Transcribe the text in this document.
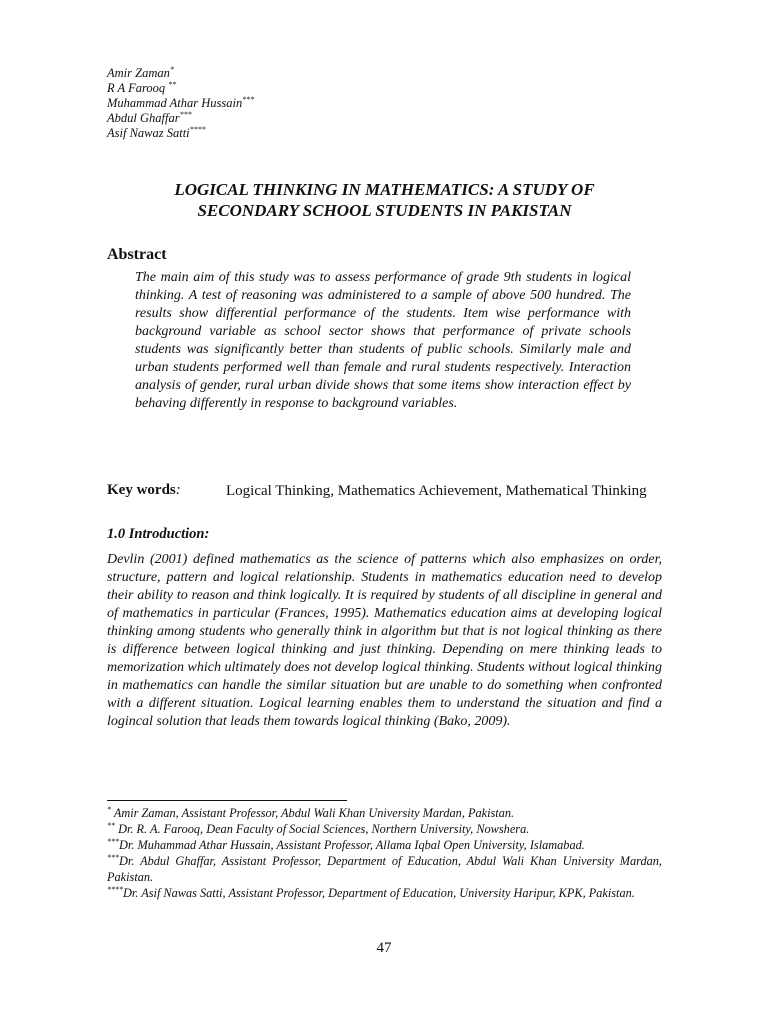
Amir Zaman*
R A Farooq **
Muhammad Athar Hussain***
Abdul Ghaffar***
Asif Nawaz Satti****
LOGICAL THINKING IN MATHEMATICS: A STUDY OF
SECONDARY SCHOOL STUDENTS IN PAKISTAN
Abstract
The main aim of this study was to assess performance of grade 9th students in logical thinking. A test of reasoning was administered to a sample of above 500 hundred. The results show differential performance of the students. Item wise performance with background variable as school sector shows that performance of private schools students was significantly better than students of public schools. Similarly male and urban students performed well than female and rural students respectively. Interaction analysis of gender, rural urban divide shows that some items show interaction effect by behaving differently in response to background variables.
Key words:	Logical Thinking, Mathematics Achievement, Mathematical Thinking
1.0 Introduction:
Devlin (2001) defined mathematics as the science of patterns which also emphasizes on order, structure, pattern and logical relationship. Students in mathematics education need to develop their ability to reason and think logically. It is required by students of all discipline in general and of mathematics in particular (Frances, 1995). Mathematics education aims at developing logical thinking among students who generally think in algorithm but that is not logical thinking as there is difference between logical thinking and just thinking. Depending on mere thinking leads to memorization which ultimately does not develop logical thinking. Students without logical thinking in mathematics can handle the similar situation but are unable to do something when confronted with a different situation. Logical learning enables them to understand the situation and find a logincal solution that leads them towards logical thinking (Bako, 2009).
* Amir Zaman, Assistant Professor, Abdul Wali Khan University Mardan, Pakistan.
** Dr. R. A. Farooq, Dean Faculty of Social Sciences, Northern University, Nowshera.
***Dr. Muhammad Athar Hussain, Assistant Professor, Allama Iqbal Open University, Islamabad.
***Dr. Abdul Ghaffar, Assistant Professor, Department of Education, Abdul Wali Khan University Mardan, Pakistan.
****Dr. Asif Nawas Satti, Assistant Professor, Department of Education, University Haripur, KPK, Pakistan.
47
